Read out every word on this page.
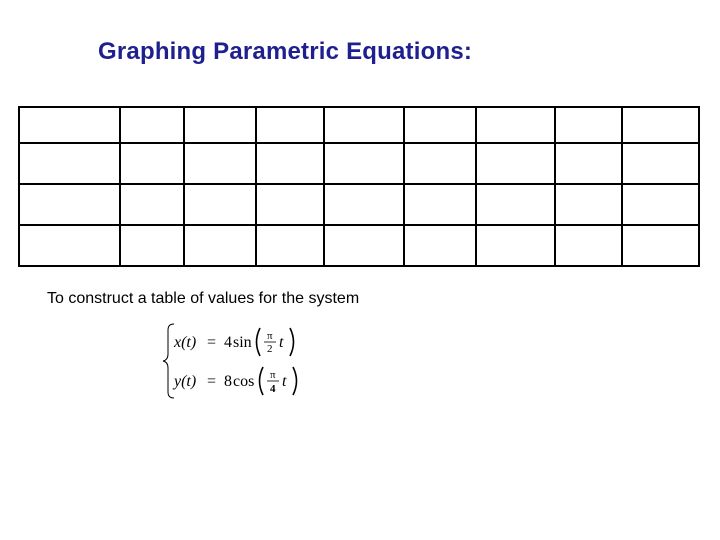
Graphing Parametric Equations:

To construct a table of values for the system
x(t) = 4 sin π
2 t
y(t) = 8 cos π
4 t
